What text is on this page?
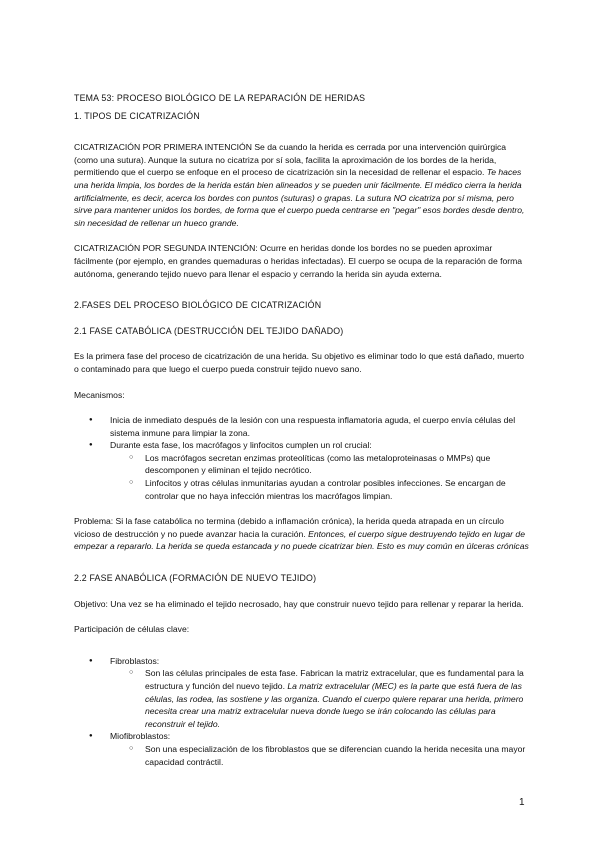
TEMA 53: PROCESO BIOLÓGICO DE LA REPARACIÓN DE HERIDAS

1. TIPOS DE CICATRIZACIÓN

CICATRIZACIÓN POR PRIMERA INTENCIÓN Se da cuando la herida es cerrada por una intervención quirúrgica (como una sutura). Aunque la sutura no cicatriza por sí sola, facilita la aproximación de los bordes de la herida, permitiendo que el cuerpo se enfoque en el proceso de cicatrización sin la necesidad de rellenar el espacio. Te haces una herida limpia, los bordes de la herida están bien alineados y se pueden unir fácilmente. El médico cierra la herida artificialmente, es decir, acerca los bordes con puntos (suturas) o grapas. La sutura NO cicatriza por sí misma, pero sirve para mantener unidos los bordes, de forma que el cuerpo pueda centrarse en "pegar" esos bordes desde dentro, sin necesidad de rellenar un hueco grande.

CICATRIZACIÓN POR SEGUNDA INTENCIÓN: Ocurre en heridas donde los bordes no se pueden aproximar fácilmente (por ejemplo, en grandes quemaduras o heridas infectadas). El cuerpo se ocupa de la reparación de forma autónoma, generando tejido nuevo para llenar el espacio y cerrando la herida sin ayuda externa.

2.FASES DEL PROCESO BIOLÓGICO DE CICATRIZACIÓN

2.1 FASE CATABÓLICA (DESTRUCCIÓN DEL TEJIDO DAÑADO)

Es la primera fase del proceso de cicatrización de una herida. Su objetivo es eliminar todo lo que está dañado, muerto o contaminado para que luego el cuerpo pueda construir tejido nuevo sano.

Mecanismos:

● Inicia de inmediato después de la lesión con una respuesta inflamatoria aguda, el cuerpo envía células del sistema inmune para limpiar la zona.

● Durante esta fase, los macrófagos y linfocitos cumplen un rol crucial:

○ Los macrófagos secretan enzimas proteolíticas (como las metaloproteinasas o MMPs) que descomponen y eliminan el tejido necrótico.

○ Linfocitos y otras células inmunitarias ayudan a controlar posibles infecciones. Se encargan de controlar que no haya infección mientras los macrófagos limpian.

Problema: Si la fase catabólica no termina (debido a inflamación crónica), la herida queda atrapada en un círculo vicioso de destrucción y no puede avanzar hacia la curación. Entonces, el cuerpo sigue destruyendo tejido en lugar de empezar a repararlo. La herida se queda estancada y no puede cicatrizar bien. Esto es muy común en úlceras crónicas

2.2 FASE ANABÓLICA (FORMACIÓN DE NUEVO TEJIDO)

Objetivo: Una vez se ha eliminado el tejido necrosado, hay que construir nuevo tejido para rellenar y reparar la herida.

Participación de células clave:

● Fibroblastos:

○ Son las células principales de esta fase. Fabrican la matriz extracelular, que es fundamental para la estructura y función del nuevo tejido. La matriz extracelular (MEC) es la parte que está fuera de las células, las rodea, las sostiene y las organiza. Cuando el cuerpo quiere reparar una herida, primero necesita crear una matriz extracelular nueva donde luego se irán colocando las células para reconstruir el tejido.

● Miofibroblastos:

○ Son una especialización de los fibroblastos que se diferencian cuando la herida necesita una mayor capacidad contráctil.

1
